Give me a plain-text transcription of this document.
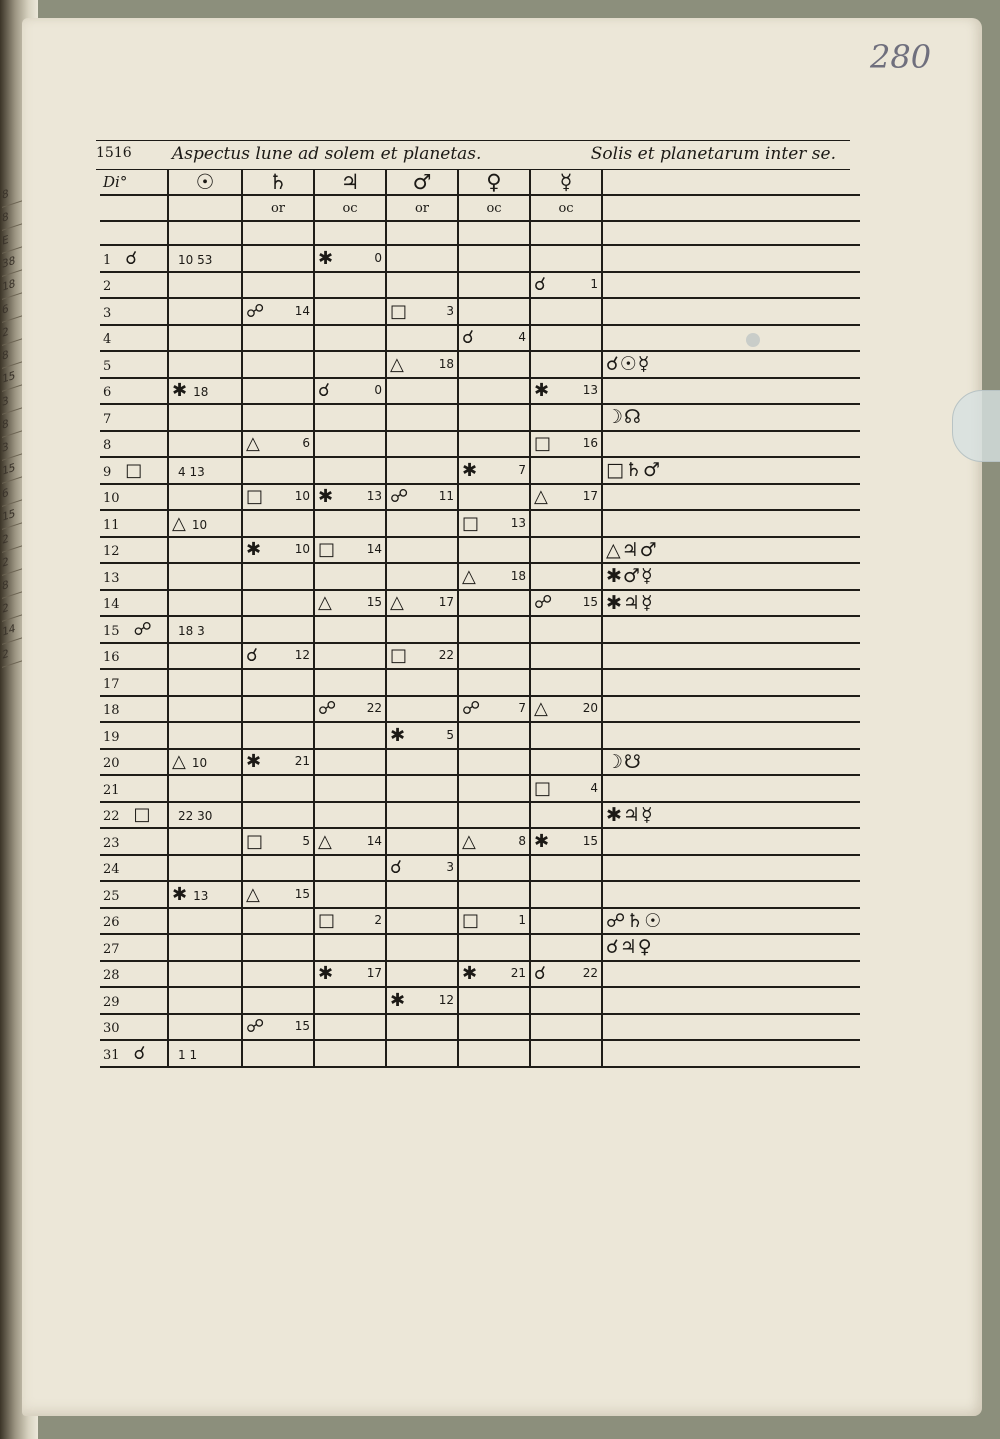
8
8
E
38
18
6
2
8
15
3
8
3
15
6
15
2
2
8
2
14
2
280
1516 Aspectus lune ad solem et planetas.	Solis et planetarum inter se.
Di°	☉	♄	♃	♂	♀	☿	
		or	oc	or	oc	oc	

1 ☌	10 53		✱ 0				

2						☌ 1	

3		☍ 14		□ 3			

4					☌ 4		

5				△ 18			☌☉☿
6	✱ 18		☌ 0			✱ 13	

7							☽☊
8		△ 6				□ 16	

9 □	4 13				✱ 7		□♄♂
10		□ 10	✱ 13	☍ 11		△ 17	

11	△ 10				□ 13		

12		✱ 10	□ 14				△♃♂
13					△ 18		✱♂☿
14			△ 15	△ 17		☍ 15	✱♃☿
15 ☍	18 3	

16		☌ 12		□ 22			

17		

18			☍ 22		☍ 7	△ 20	

19				✱ 5			

20	△ 10	✱ 21					☽☋
21						□ 4	

22 □	22 30						✱♃☿
23		□ 5	△ 14		△ 8	✱ 15	

24				☌ 3			

25	✱ 13	△ 15					

26			□ 2		□ 1		☍♄☉
27							☌♃♀
28			✱ 17		✱ 21	☌ 22	

29				✱ 12			

30		☍ 15					

31 ☌	1 1	
